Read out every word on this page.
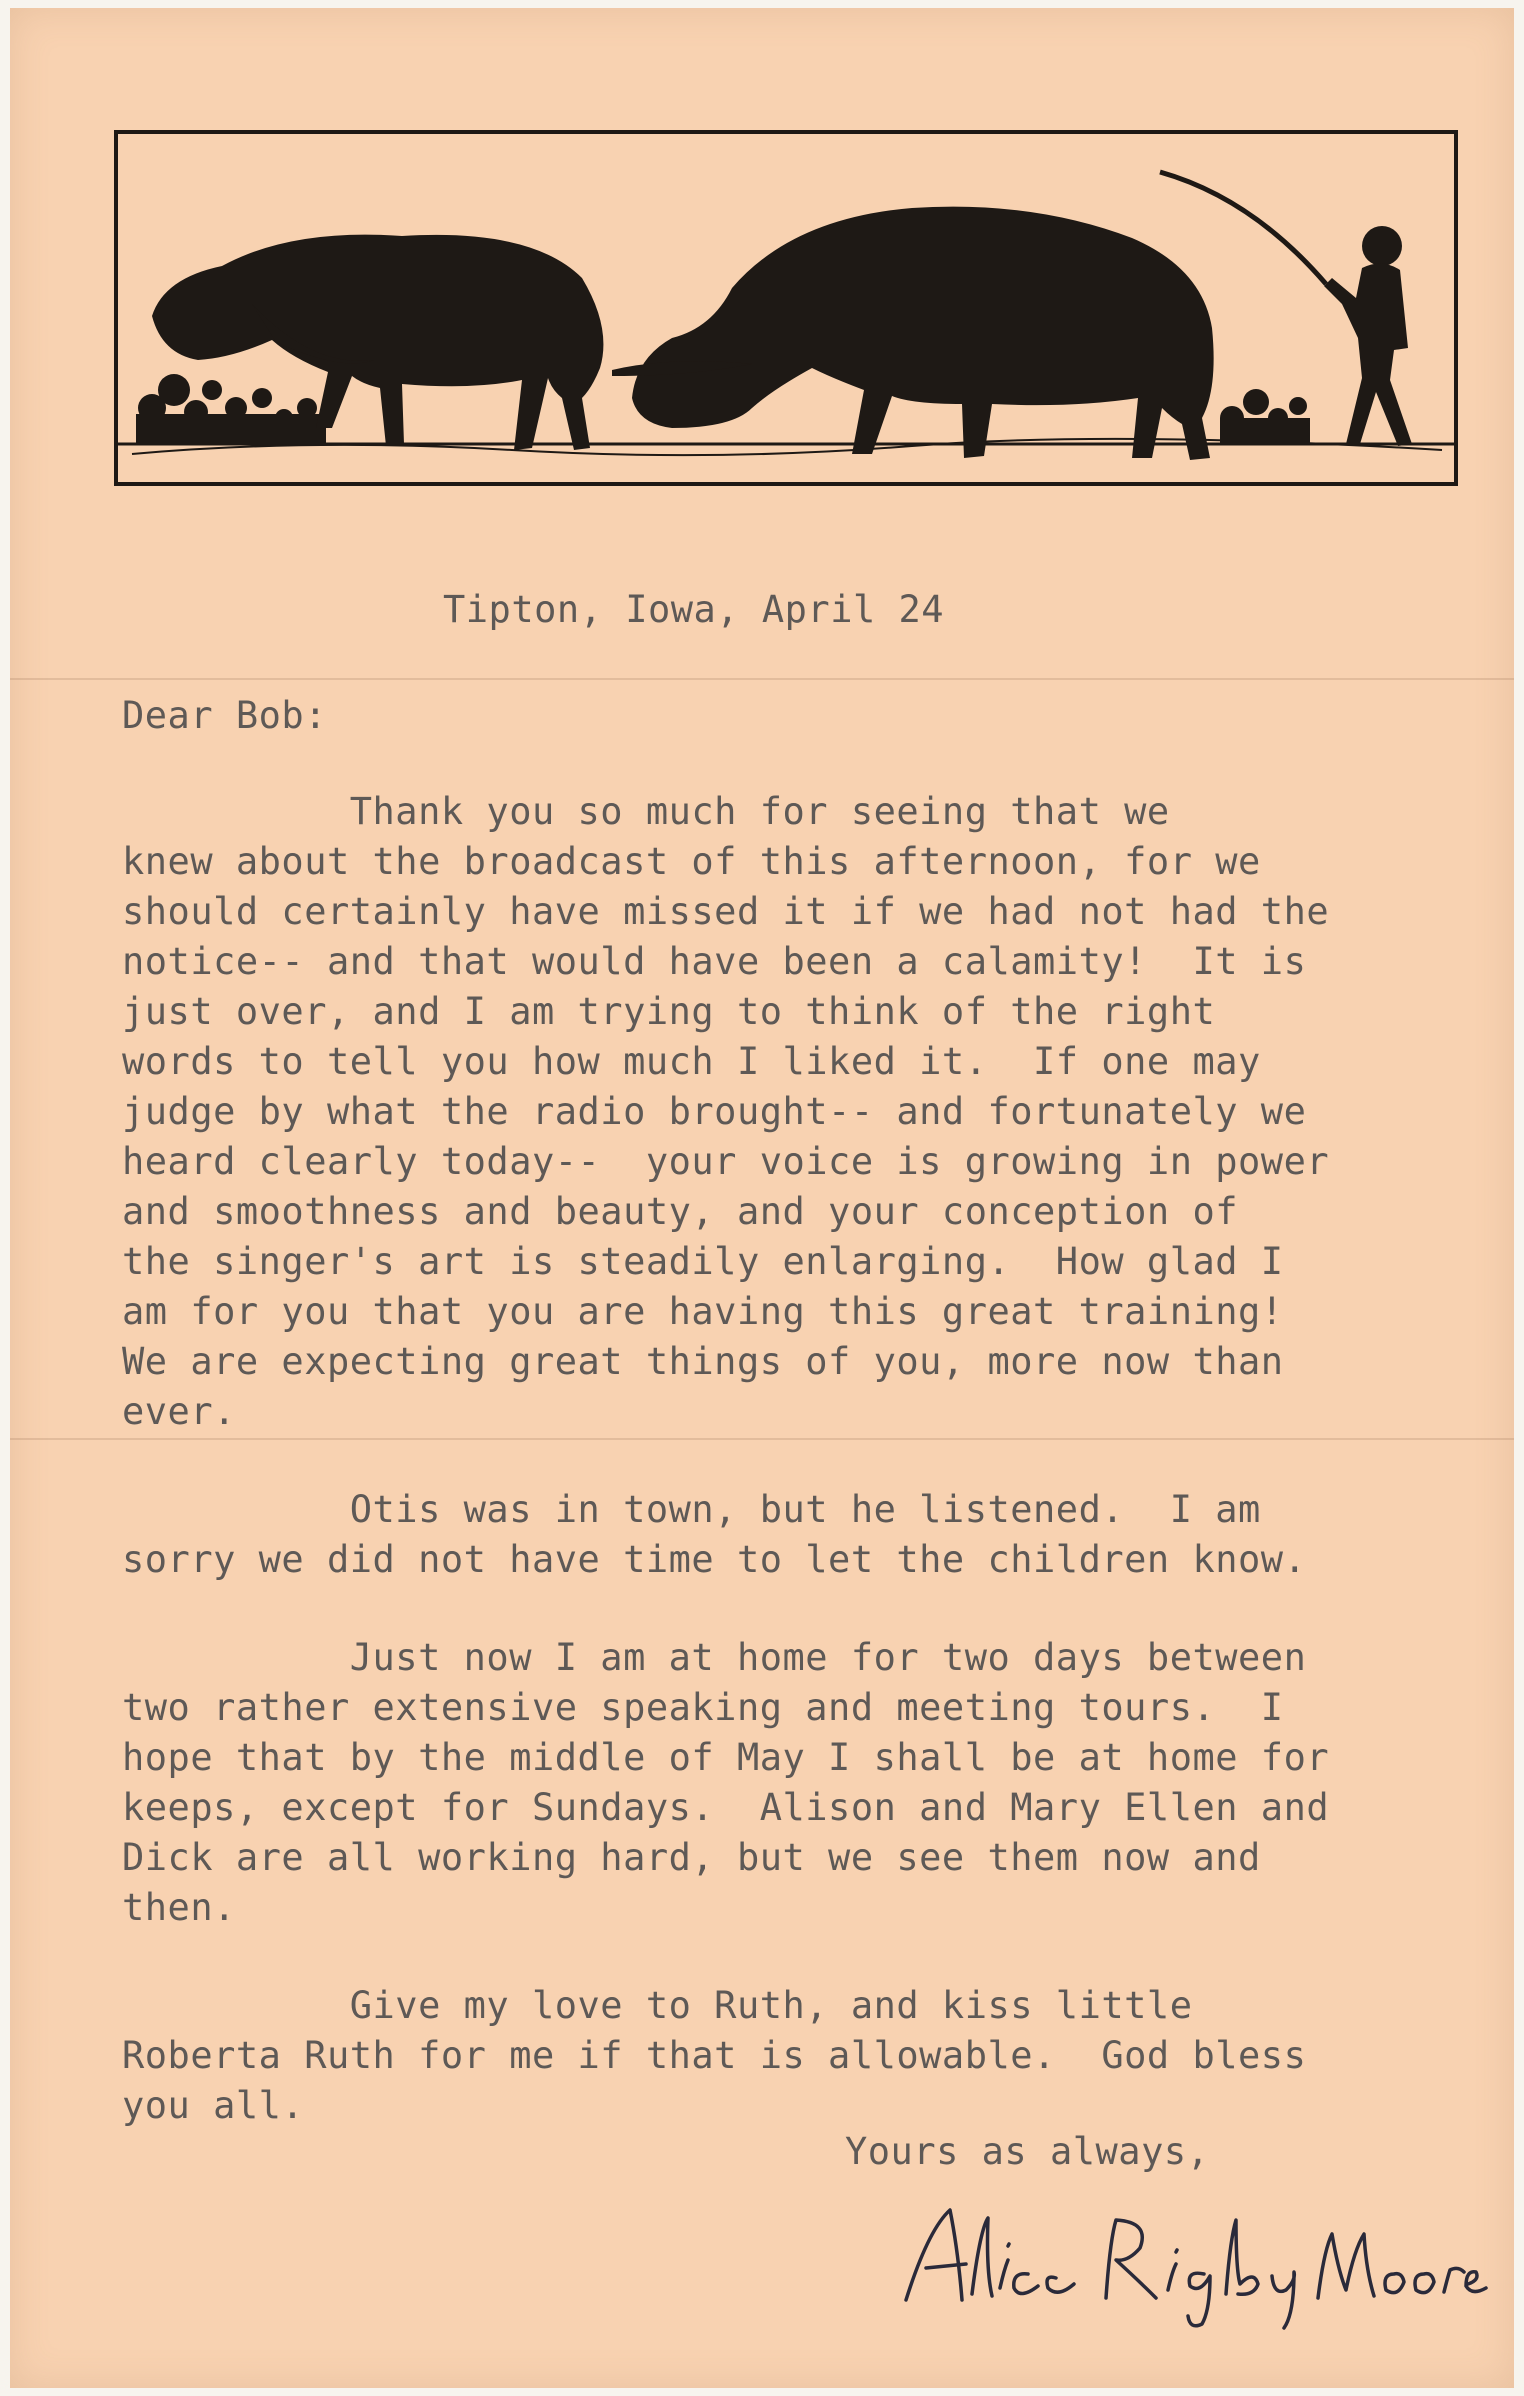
Tipton, Iowa, April 24

Dear Bob:

Thank you so much for seeing that we

knew about the broadcast of this afternoon, for we

should certainly have missed it if we had not had the

notice-- and that would have been a calamity!  It is

just over, and I am trying to think of the right

words to tell you how much I liked it.  If one may

judge by what the radio brought-- and fortunately we

heard clearly today--  your voice is growing in power

and smoothness and beauty, and your conception of

the singer's art is steadily enlarging.  How glad I

am for you that you are having this great training!

We are expecting great things of you, more now than

ever.

Otis was in town, but he listened.  I am

sorry we did not have time to let the children know.

Just now I am at home for two days between

two rather extensive speaking and meeting tours.  I

hope that by the middle of May I shall be at home for

keeps, except for Sundays.  Alison and Mary Ellen and

Dick are all working hard, but we see them now and

then.

Give my love to Ruth, and kiss little

Roberta Ruth for me if that is allowable.  God bless

you all.

Yours as always,
